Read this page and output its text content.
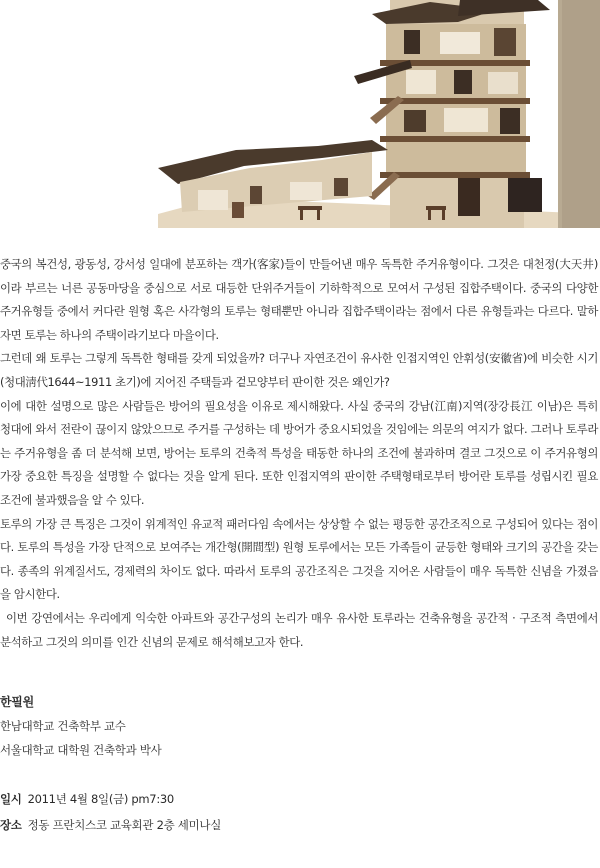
중국의 복건성, 광동성, 강서성 일대에 분포하는 객가(客家)들이 만들어낸 매우 독특한 주거유형이다. 그것은 대천정(大天井)이라 부르는 너른 공동마당을 중심으로 서로 대등한 단위주거들이 기하학적으로 모여서 구성된 집합주택이다. 중국의 다양한 주거유형들 중에서 커다란 원형 혹은 사각형의 토루는 형태뿐만 아니라 집합주택이라는 점에서 다른 유형들과는 다르다. 말하자면 토루는 하나의 주택이라기보다 마을이다.

그런데 왜 토루는 그렇게 독특한 형태를 갖게 되었을까? 더구나 자연조건이 유사한 인접지역인 안휘성(安徽省)에 비슷한 시기(청대淸代1644~1911 초기)에 지어진 주택들과 겉모양부터 판이한 것은 왜인가?

이에 대한 설명으로 많은 사람들은 방어의 필요성을 이유로 제시해왔다. 사실 중국의 강남(江南)지역(장강長江 이남)은 특히 청대에 와서 전란이 끊이지 않았으므로 주거를 구성하는 데 방어가 중요시되었을 것임에는 의문의 여지가 없다. 그러나 토루라는 주거유형을 좀 더 분석해 보면, 방어는 토루의 건축적 특성을 태동한 하나의 조건에 불과하며 결코 그것으로 이 주거유형의 가장 중요한 특징을 설명할 수 없다는 것을 알게 된다. 또한 인접지역의 판이한 주택형태로부터 방어란 토루를 성립시킨 필요조건에 불과했음을 알 수 있다.

토루의 가장 큰 특징은 그것이 위계적인 유교적 패러다임 속에서는 상상할 수 없는 평등한 공간조직으로 구성되어 있다는 점이다. 토루의 특성을 가장 단적으로 보여주는 개간형(開間型) 원형 토루에서는 모든 가족들이 균등한 형태와 크기의 공간을 갖는다. 종족의 위계질서도, 경제력의 차이도 없다. 따라서 토루의 공간조직은 그것을 지어온 사람들이 매우 독특한 신념을 가졌음을 암시한다.

이번 강연에서는 우리에게 익숙한 아파트와 공간구성의 논리가 매우 유사한 토루라는 건축유형을 공간적 · 구조적 측면에서 분석하고 그것의 의미를 인간 신념의 문제로 해석해보고자 한다.

한필원
한남대학교 건축학부 교수
서울대학교 대학원 건축학과 박사
일시 2011년 4월 8일(금) pm7:30
장소 정동 프란치스코 교육회관 2층 세미나실
